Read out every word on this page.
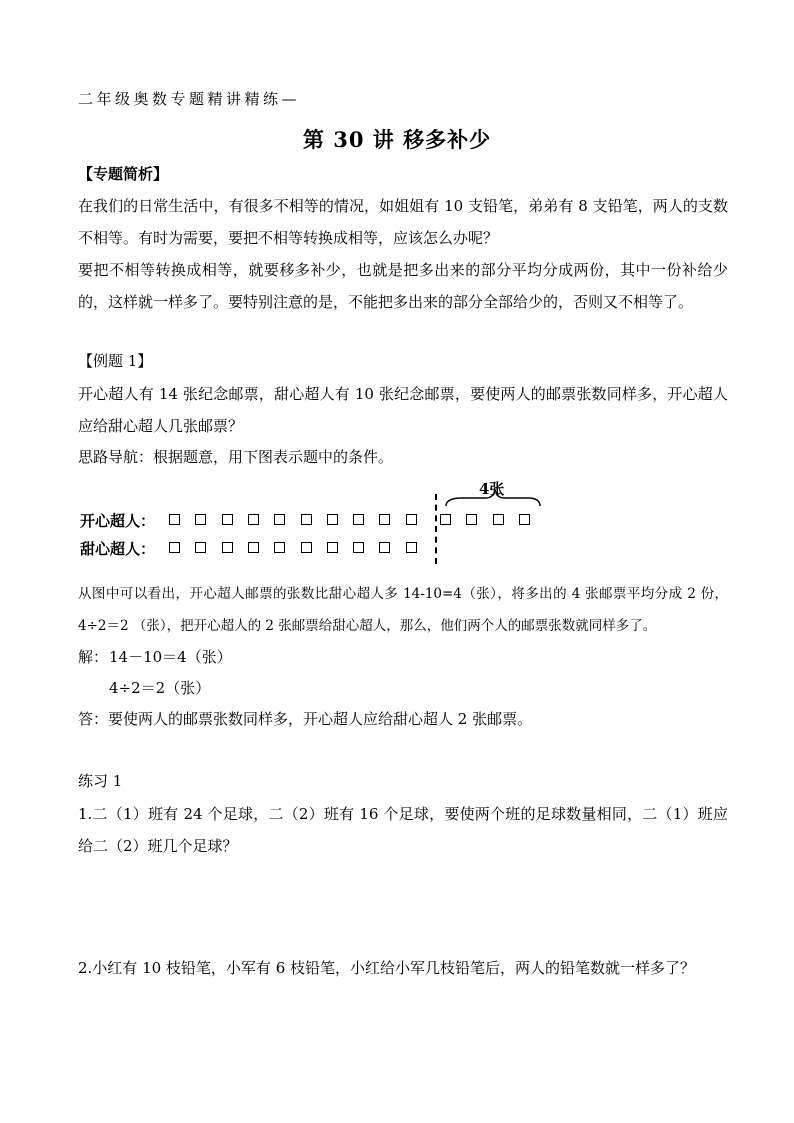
二年级奥数专题精讲精练—
第 30 讲 移多补少
【专题简析】
在我们的日常生活中，有很多不相等的情况，如姐姐有 10 支铅笔，弟弟有 8 支铅笔，两人的支数不相等。有时为需要，要把不相等转换成相等，应该怎么办呢？
要把不相等转换成相等，就要移多补少，也就是把多出来的部分平均分成两份，其中一份补给少的，这样就一样多了。要特别注意的是，不能把多出来的部分全部给少的，否则又不相等了。
【例题 1】
开心超人有 14 张纪念邮票，甜心超人有 10 张纪念邮票，要使两人的邮票张数同样多，开心超人应给甜心超人几张邮票？
思路导航：根据题意，用下图表示题中的条件。
4张
开心超人：
甜心超人：
从图中可以看出，开心超人邮票的张数比甜心超人多 14-10=4（张），将多出的 4 张邮票平均分成 2 份，4÷2＝2 （张），把开心超人的 2 张邮票给甜心超人，那么，他们两个人的邮票张数就同样多了。
解： 14－10＝4（张）
4÷2＝2（张）
答：要使两人的邮票张数同样多，开心超人应给甜心超人 2 张邮票。
练习 1
1.二（1）班有 24 个足球，二（2）班有 16 个足球，要使两个班的足球数量相同，二（1）班应给二（2）班几个足球？
2.小红有 10 枝铅笔，小军有 6 枝铅笔，小红给小军几枝铅笔后，两人的铅笔数就一样多了？
